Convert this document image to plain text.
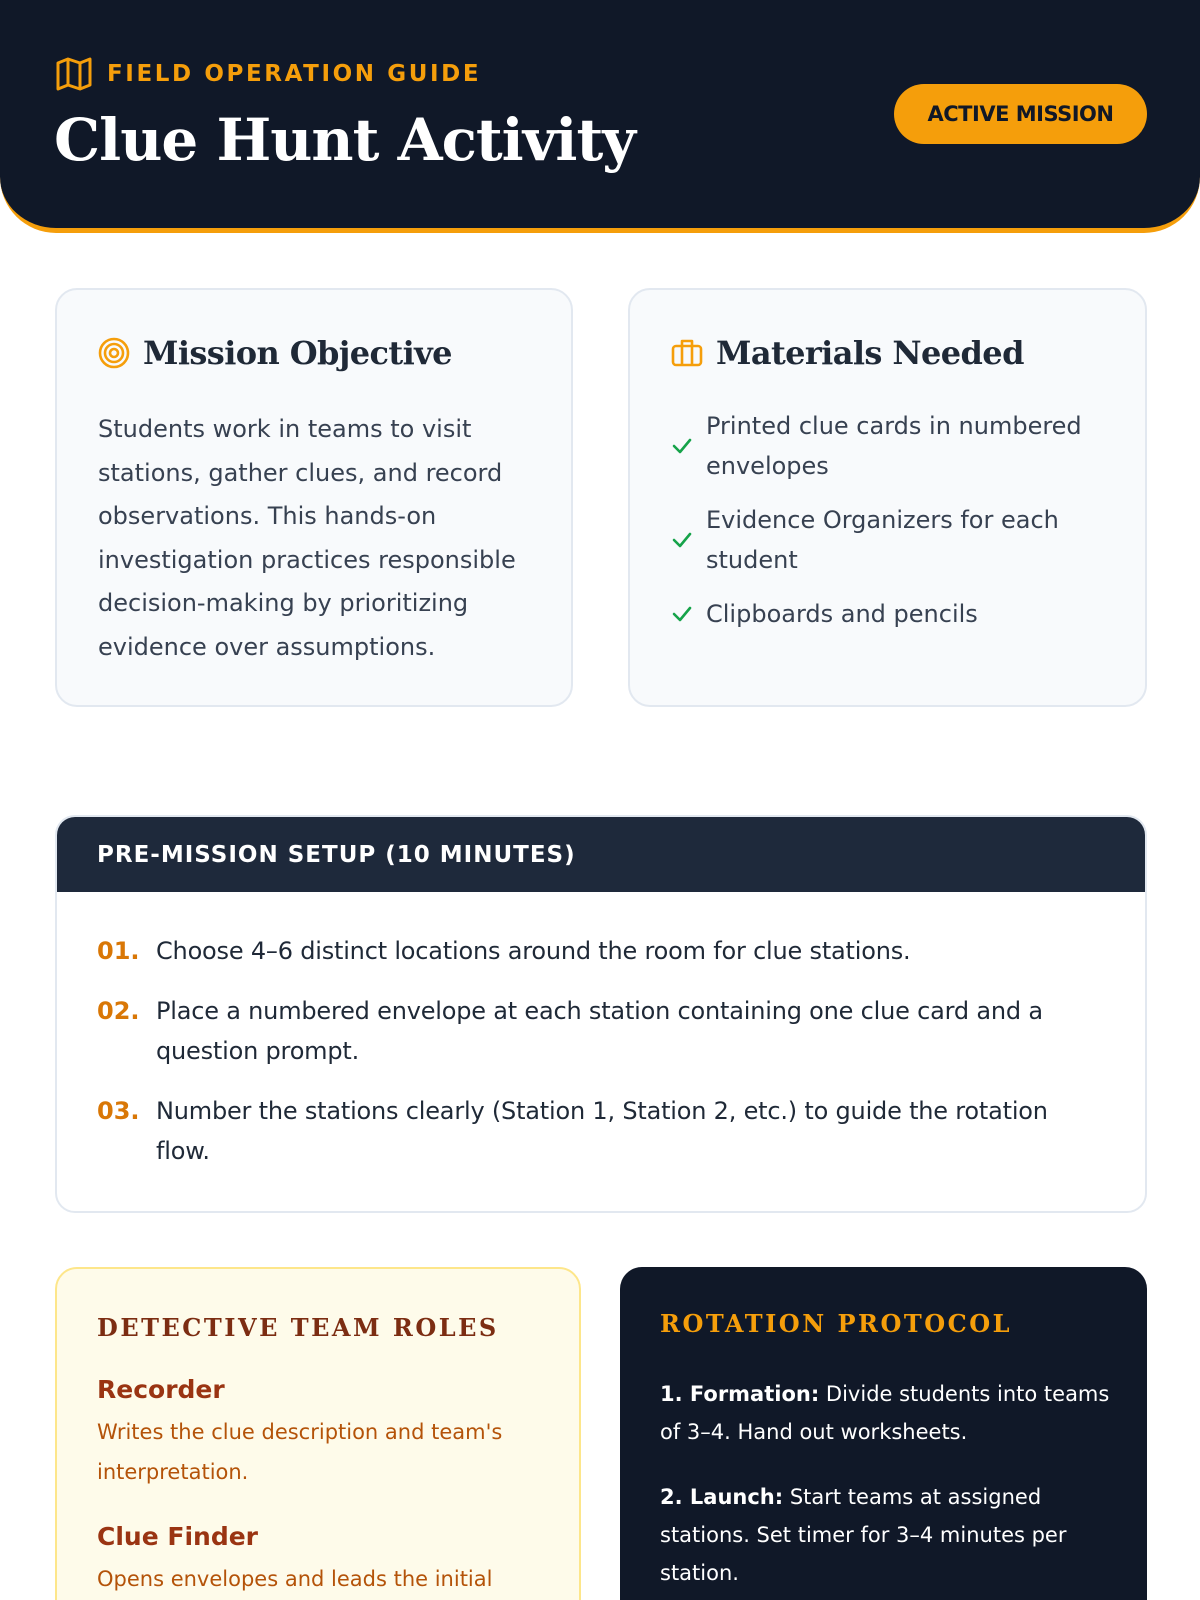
FIELD OPERATION GUIDE
Clue Hunt Activity	ACTIVE MISSION
Mission Objective

Students work in teams to visit stations, gather clues, and record observations. This hands-on investigation practices responsible decision-making by prioritizing evidence over assumptions.

Materials Needed
Printed clue cards in numbered envelopes
Evidence Organizers for each student
Clipboards and pencils
PRE-MISSION SETUP (10 MINUTES)
01. Choose 4–6 distinct locations around the room for clue stations.
02. Place a numbered envelope at each station containing one clue card and a question prompt.
03. Number the stations clearly (Station 1, Station 2, etc.) to guide the rotation flow.
DETECTIVE TEAM ROLES
Recorder
Writes the clue description and team's interpretation.
Clue Finder
Opens envelopes and leads the initial
ROTATION PROTOCOL
1. Formation: Divide students into teams of 3–4. Hand out worksheets.
2. Launch: Start teams at assigned stations. Set timer for 3–4 minutes per station.
